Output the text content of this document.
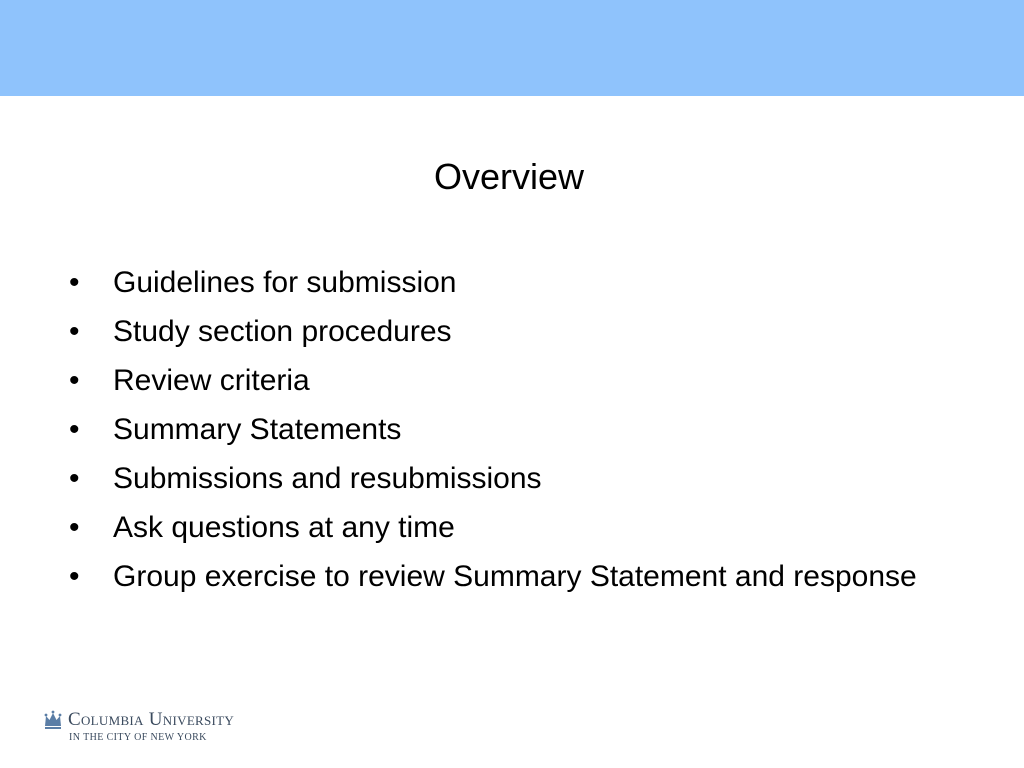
Overview
•	Guidelines for submission
•	Study section procedures
•	Review criteria
•	Summary Statements
•	Submissions and resubmissions
•	Ask questions at any time
•	Group exercise to review Summary Statement and response
Columbia University
IN THE CITY OF NEW YORK
